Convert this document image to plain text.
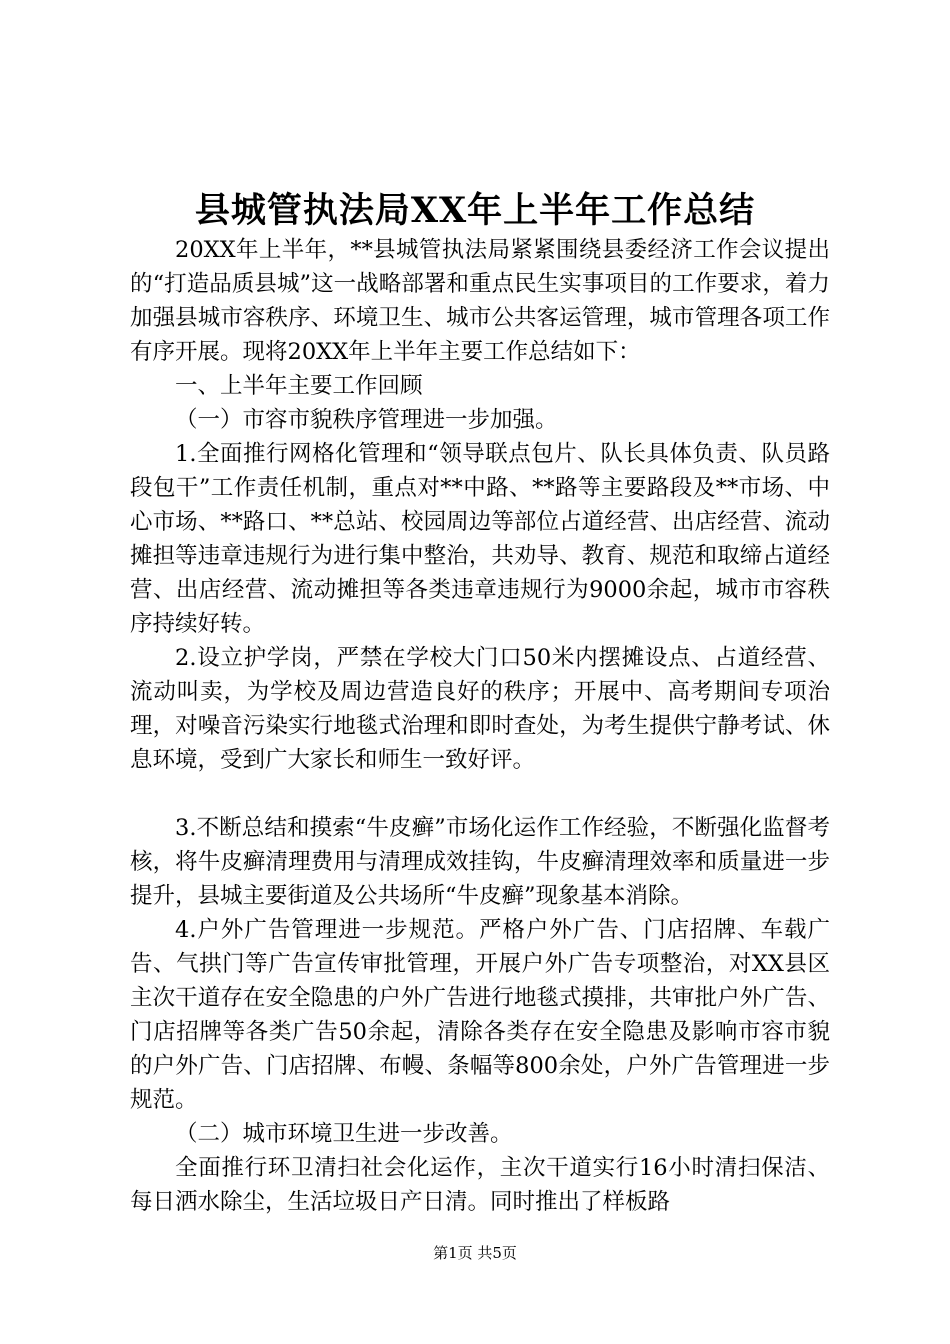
县城管执法局XX年上半年工作总结

20XX年上半年，**县城管执法局紧紧围绕县委经济工作会议提出的“打造品质县城”这一战略部署和重点民生实事项目的工作要求，着力加强县城市容秩序、环境卫生、城市公共客运管理，城市管理各项工作有序开展。现将20XX年上半年主要工作总结如下：

一、上半年主要工作回顾

（一）市容市貌秩序管理进一步加强。

1.全面推行网格化管理和“领导联点包片、队长具体负责、队员路段包干”工作责任机制，重点对**中路、**路等主要路段及**市场、中心市场、**路口、**总站、校园周边等部位占道经营、出店经营、流动摊担等违章违规行为进行集中整治，共劝导、教育、规范和取缔占道经营、出店经营、流动摊担等各类违章违规行为9000余起，城市市容秩序持续好转。

2.设立护学岗，严禁在学校大门口50米内摆摊设点、占道经营、流动叫卖，为学校及周边营造良好的秩序；开展中、高考期间专项治理，对噪音污染实行地毯式治理和即时查处，为考生提供宁静考试、休息环境，受到广大家长和师生一致好评。

3.不断总结和摸索“牛皮癣”市场化运作工作经验，不断强化监督考核，将牛皮癣清理费用与清理成效挂钩，牛皮癣清理效率和质量进一步提升，县城主要街道及公共场所“牛皮癣”现象基本消除。

4.户外广告管理进一步规范。严格户外广告、门店招牌、车载广告、气拱门等广告宣传审批管理，开展户外广告专项整治，对XX县区主次干道存在安全隐患的户外广告进行地毯式摸排，共审批户外广告、门店招牌等各类广告50余起，清除各类存在安全隐患及影响市容市貌的户外广告、门店招牌、布幔、条幅等800余处，户外广告管理进一步规范。

（二）城市环境卫生进一步改善。

全面推行环卫清扫社会化运作，主次干道实行16小时清扫保洁、每日洒水除尘，生活垃圾日产日清。同时推出了样板路

第1页 共5页
